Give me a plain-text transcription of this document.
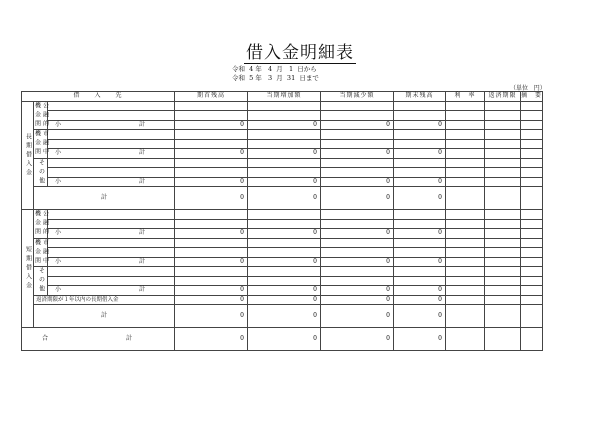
借入金明細表
令和  4 年   4  月   1  日から
令和  5 年   3  月  31  日まで
（単位   円）
借　　入　　先			期首残高	当期増加額	当期減少額	期末残高	利　率	返済期限	摘　要
長期借入金	公融的機金関								

		小　　計	0	0	0	0			
	市融中機金関								

		小　　計	0	0	0	0			
	その他								

		小　　計	0	0	0	0			
	計		0	0	0	0			
短期借入金	公融的機金関								

		小　　計	0	0	0	0			
	市融中機金関								

		小　　計	0	0	0	0			
	その他								

		小　　計	0	0	0	0			
	返済期限が１年以内の長期借入金		0	0	0	0			
	計		0	0	0	0			
合　　計			0	0	0	0			
